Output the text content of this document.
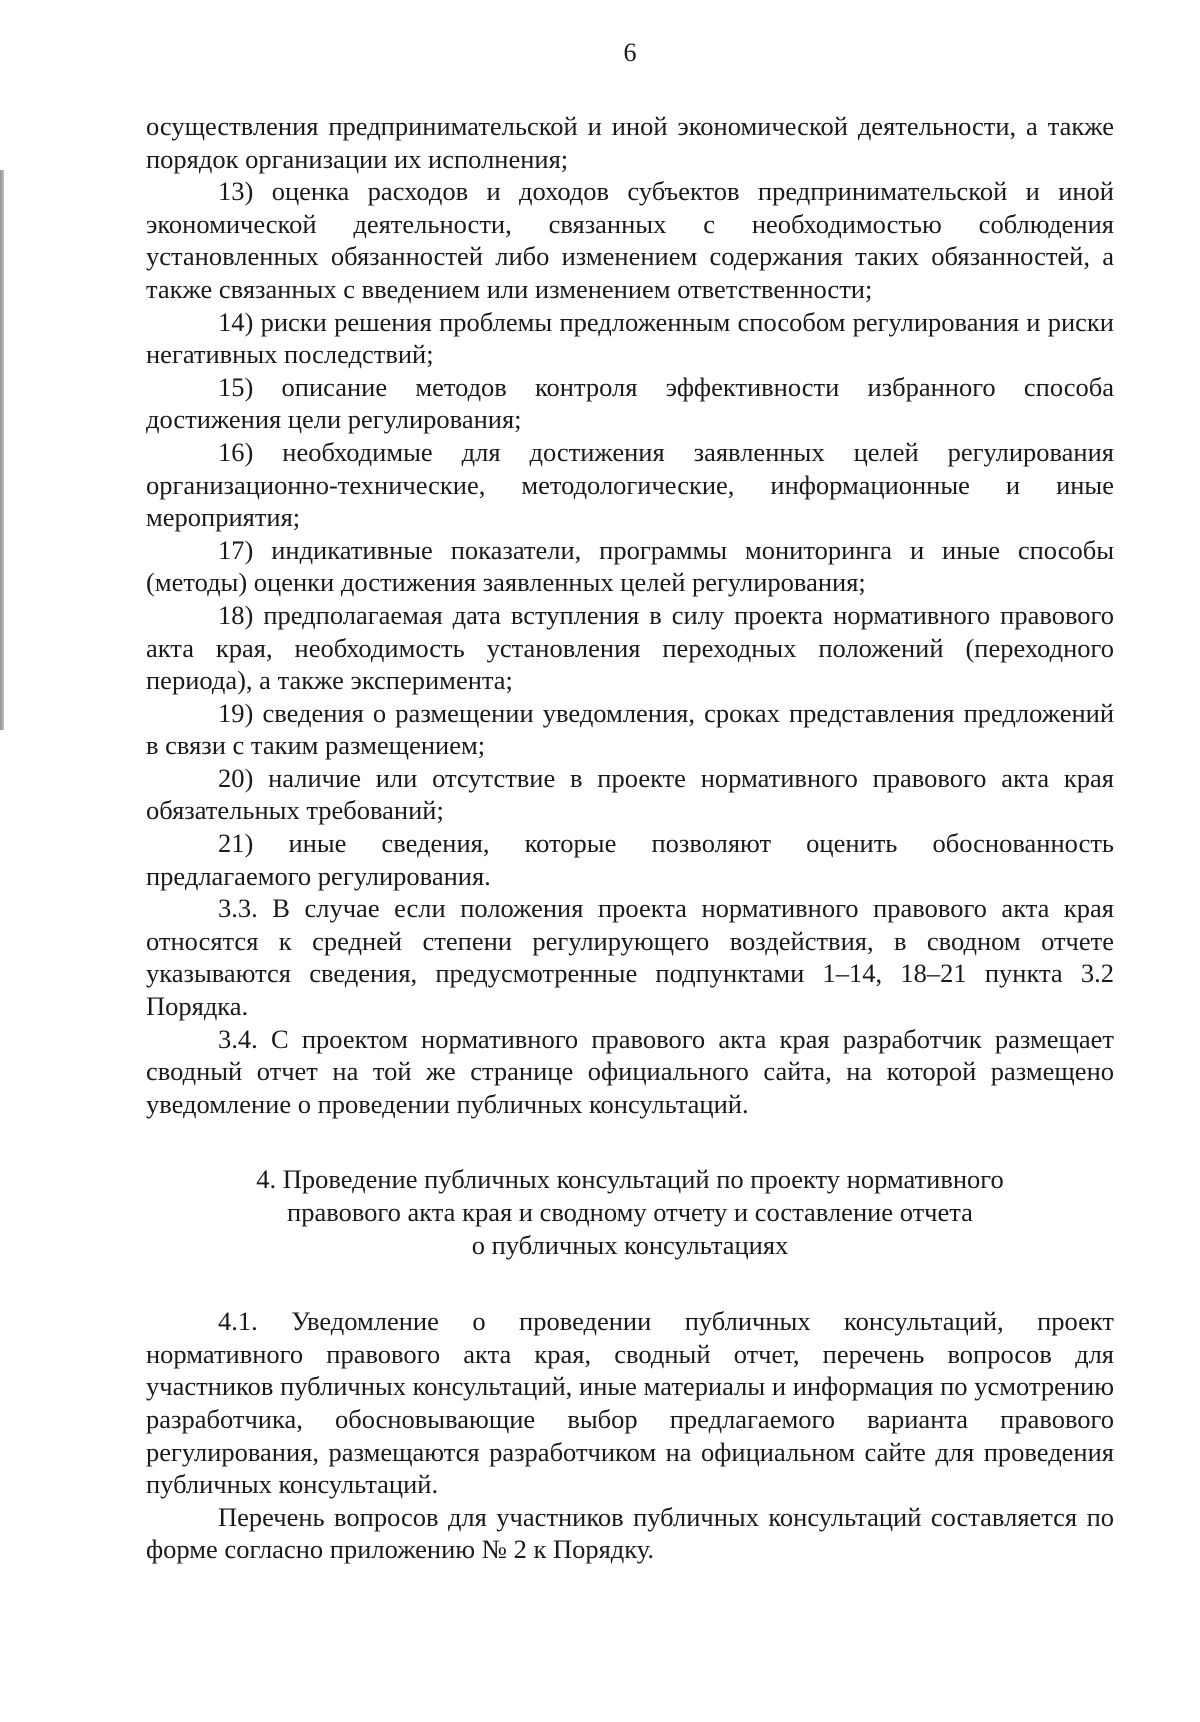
6

осуществления предпринимательской и иной экономической деятельности, а также порядок организации их исполнения;

13) оценка расходов и доходов субъектов предпринимательской и иной экономической деятельности, связанных с необходимостью соблюдения установленных обязанностей либо изменением содержания таких обязанностей, а также связанных с введением или изменением ответственности;

14) риски решения проблемы предложенным способом регулирования и риски негативных последствий;

15) описание методов контроля эффективности избранного способа достижения цели регулирования;

16) необходимые для достижения заявленных целей регулирования организационно-технические, методологические, информационные и иные мероприятия;

17) индикативные показатели, программы мониторинга и иные способы (методы) оценки достижения заявленных целей регулирования;

18) предполагаемая дата вступления в силу проекта нормативного правового акта края, необходимость установления переходных положений (переходного периода), а также эксперимента;

19) сведения о размещении уведомления, сроках представления предложений в связи с таким размещением;

20) наличие или отсутствие в проекте нормативного правового акта края обязательных требований;

21) иные сведения, которые позволяют оценить обоснованность предлагаемого регулирования.

3.3. В случае если положения проекта нормативного правового акта края относятся к средней степени регулирующего воздействия, в сводном отчете указываются сведения, предусмотренные подпунктами 1–14, 18–21 пункта 3.2 Порядка.

3.4. С проектом нормативного правового акта края разработчик размещает сводный отчет на той же странице официального сайта, на которой размещено уведомление о проведении публичных консультаций.

4. Проведение публичных консультаций по проекту нормативного
правового акта края и сводному отчету и составление отчета
о публичных консультациях

4.1. Уведомление о проведении публичных консультаций, проект нормативного правового акта края, сводный отчет, перечень вопросов для участников публичных консультаций, иные материалы и информация по усмотрению разработчика, обосновывающие выбор предлагаемого варианта правового регулирования, размещаются разработчиком на официальном сайте для проведения публичных консультаций.

Перечень вопросов для участников публичных консультаций составляется по форме согласно приложению № 2 к Порядку.
